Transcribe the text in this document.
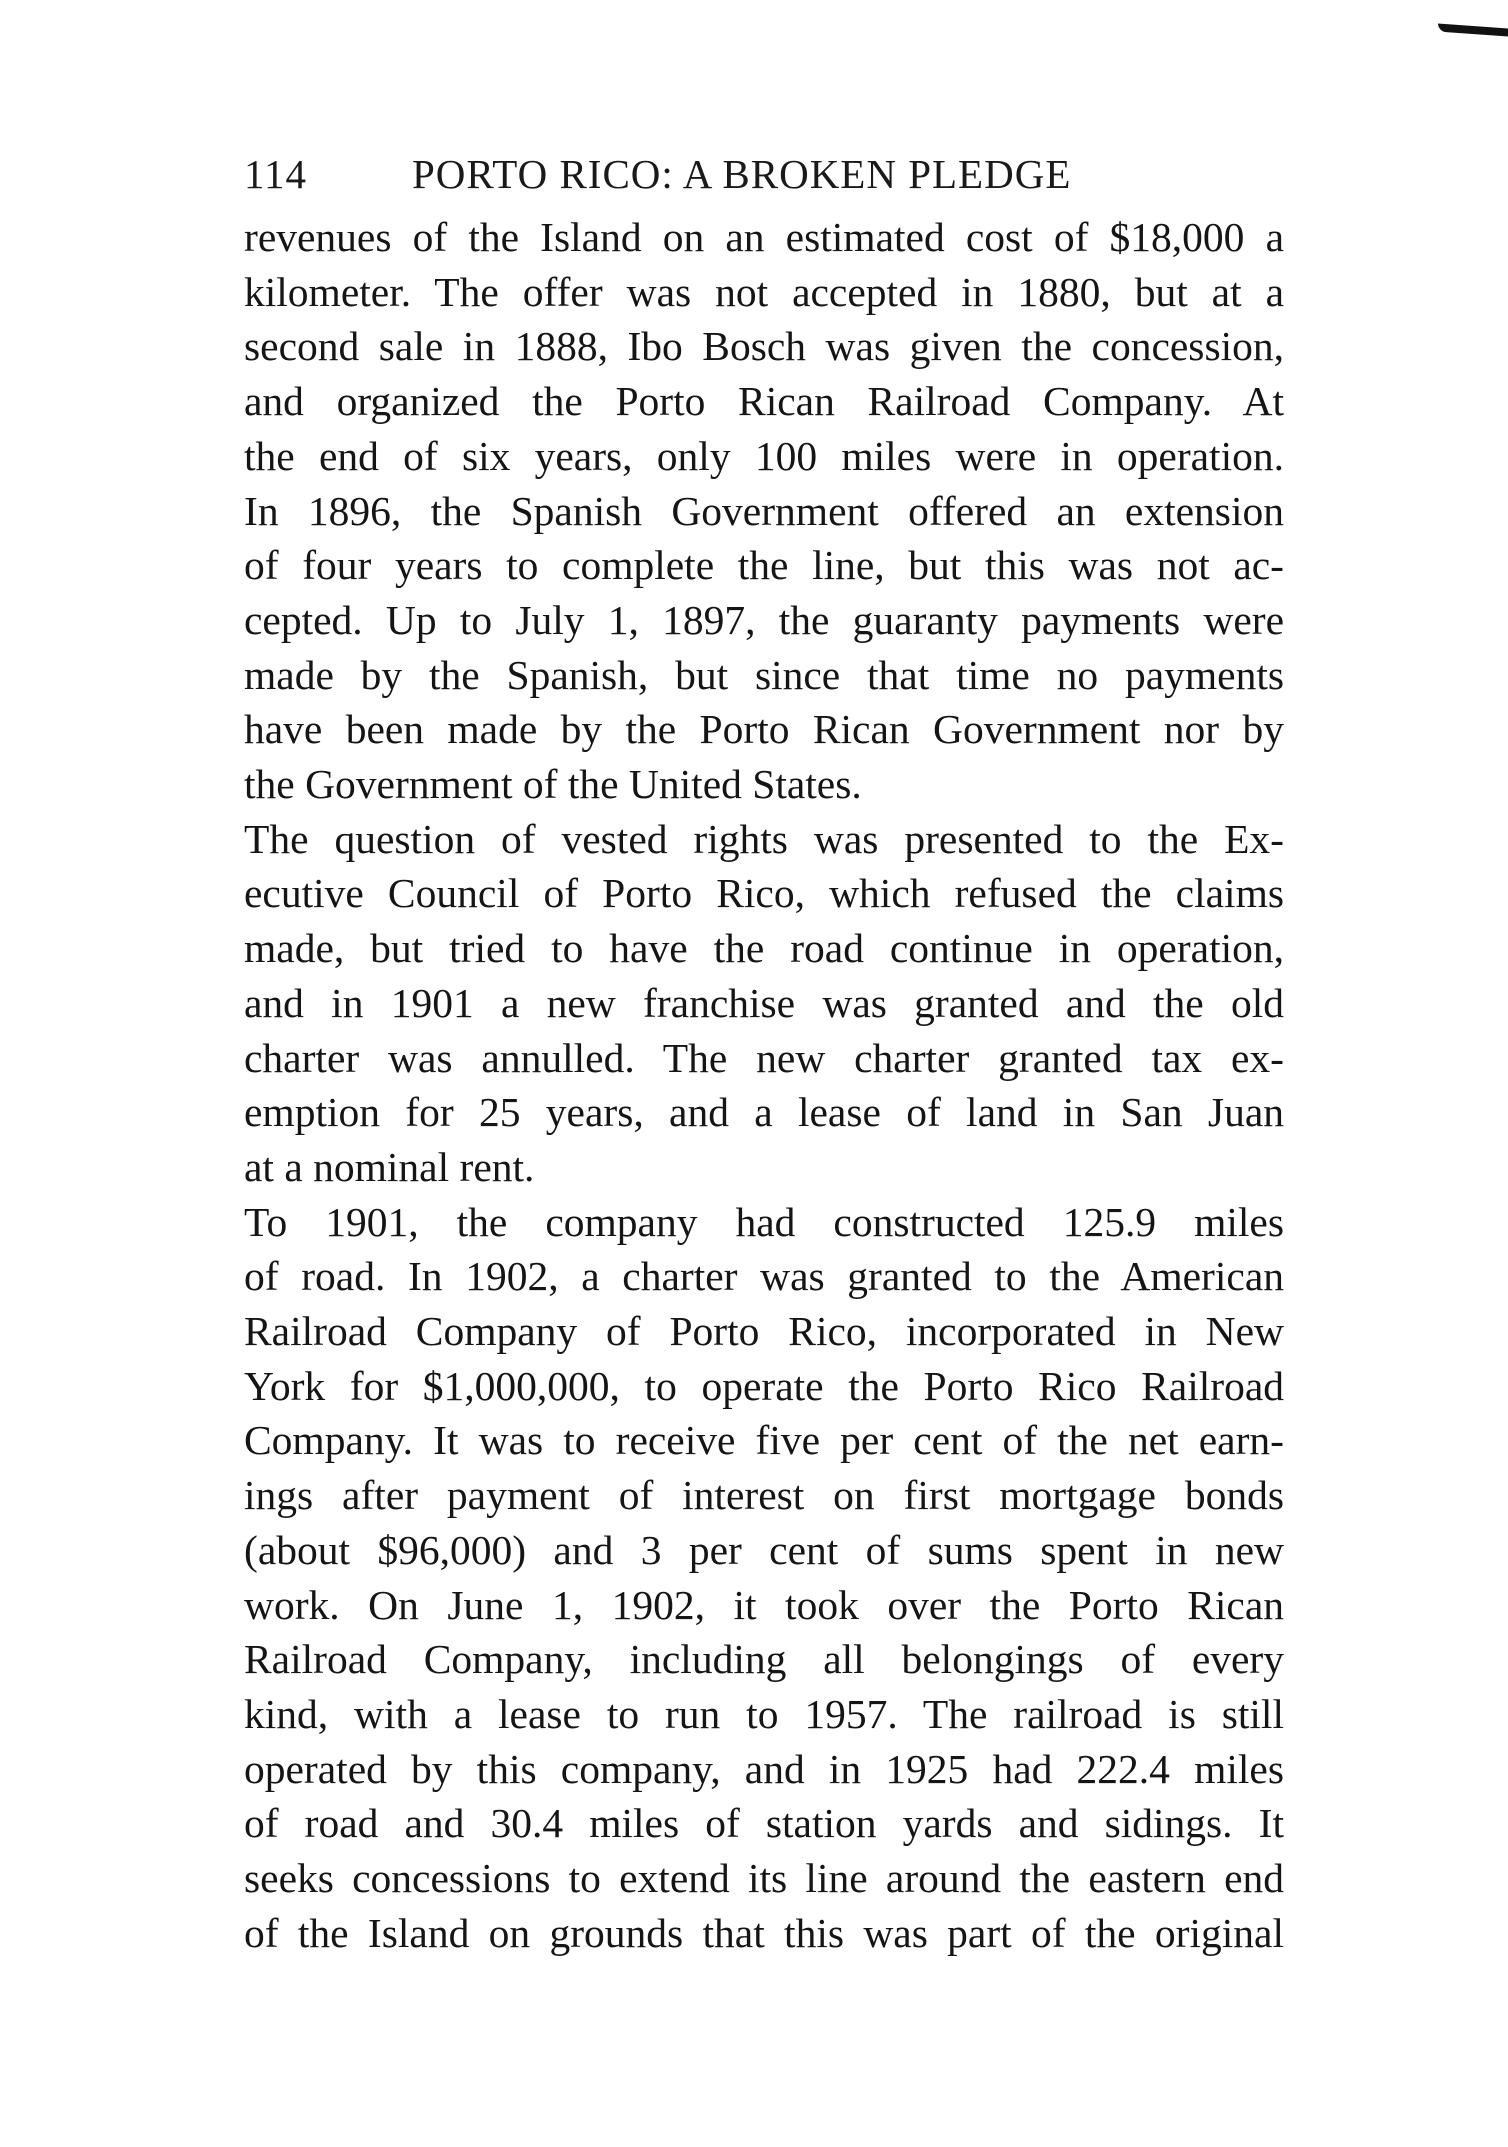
114	PORTO RICO: A BROKEN PLEDGE
revenues of the Island on an estimated cost of $18,000 a
kilometer. The offer was not accepted in 1880, but at a
second sale in 1888, Ibo Bosch was given the concession,
and organized the Porto Rican Railroad Company. At
the end of six years, only 100 miles were in operation.
In 1896, the Spanish Government offered an extension
of four years to complete the line, but this was not ac-
cepted. Up to July 1, 1897, the guaranty payments were
made by the Spanish, but since that time no payments
have been made by the Porto Rican Government nor by
the Government of the United States.
The question of vested rights was presented to the Ex-
ecutive Council of Porto Rico, which refused the claims
made, but tried to have the road continue in operation,
and in 1901 a new franchise was granted and the old
charter was annulled. The new charter granted tax ex-
emption for 25 years, and a lease of land in San Juan
at a nominal rent.
To 1901, the company had constructed 125.9 miles
of road. In 1902, a charter was granted to the American
Railroad Company of Porto Rico, incorporated in New
York for $1,000,000, to operate the Porto Rico Railroad
Company. It was to receive five per cent of the net earn-
ings after payment of interest on first mortgage bonds
(about $96,000) and 3 per cent of sums spent in new
work. On June 1, 1902, it took over the Porto Rican
Railroad Company, including all belongings of every
kind, with a lease to run to 1957. The railroad is still
operated by this company, and in 1925 had 222.4 miles
of road and 30.4 miles of station yards and sidings. It
seeks concessions to extend its line around the eastern end
of the Island on grounds that this was part of the original
